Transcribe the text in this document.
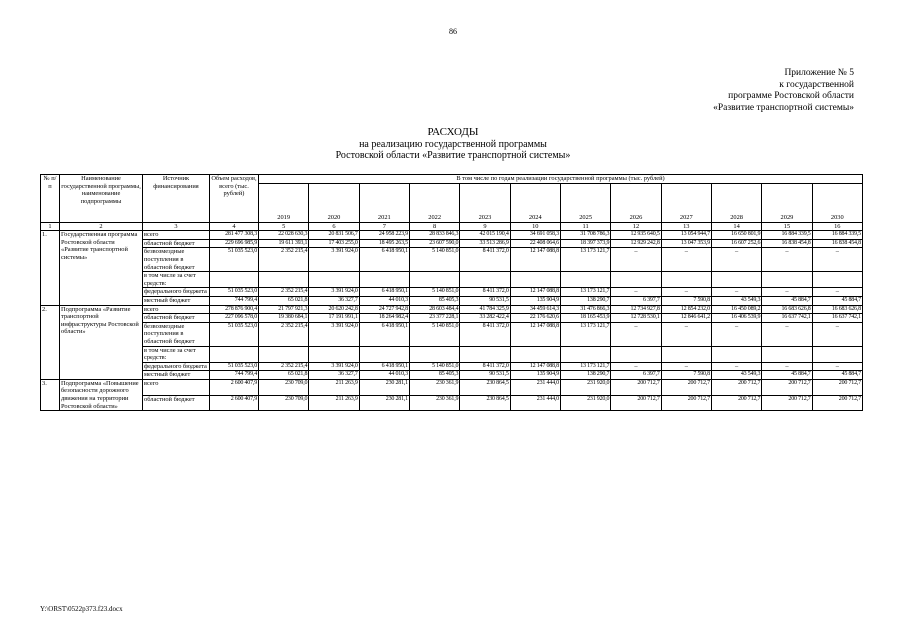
86
Приложение № 5
к государственной
программе Ростовской области
«Развитие транспортной системы»
РАСХОДЫ
на реализацию государственной программы
Ростовской области «Развитие транспортной системы»
№ п/п	Наименование государственной программы, наименование подпрограммы	Источник финансирования	Объем расходов, всего (тыс. рублей)	В том числе по годам реализации государственной программы (тыс. рублей)											
				2019	2020	2021	2022	2023	2024	2025	2026	2027	2028	2029	2030
1	2	3	4	5	6	7	8	9	10	11	12	13	14	15	16
1.	Государственная программа Ростовской области «Развитие транспортной системы»	всего	281 477 308,3	22 028 630,3	20 831 506,7	24 958 223,9	28 833 846,3	42 015 190,4	34 691 058,3	31 708 786,3	12 935 640,5	13 054 944,7	16 650 801,9	16 884 339,5	16 884 339,5
		областной бюджет	229 696 985,9	19 611 393,1	17 403 255,0	18 495 263,5	23 607 590,0	33 513 286,9	22 408 064,6	18 397 373,9	12 929 242,8	13 047 353,9	16 607 252,6	16 838 454,8	16 838 454,8
		безвозмездные поступления в областной бюджет	51 035 523,0	2 352 215,4	3 391 924,0	6 418 950,1	5 140 851,0	8 411 372,0	12 147 088,8	13 173 121,7	–	–	–	–	–
		в том числе за счет средств:													
		федерального бюджета	51 035 523,0	2 352 215,4	3 391 924,0	6 418 950,1	5 140 851,0	8 411 372,0	12 147 088,8	13 173 121,7	–	–	–	–	–
		местный бюджет	744 799,4	65 021,8	36 327,7	44 010,3	85 405,3	90 531,5	135 904,9	138 290,7	6 397,7	7 590,8	43 549,3	45 884,7	45 884,7
2.	Подпрограмма «Развитие транспортной инфраструктуры Ростовской области»	всего	278 876 900,4	21 797 921,3	20 620 242,8	24 727 942,8	28 603 484,4	41 784 325,9	34 459 614,3	31 476 866,3	12 734 927,8	12 854 232,0	16 450 089,2	16 683 626,8	16 683 626,8
		областной бюджет	227 096 578,0	19 380 684,1	17 191 991,1	18 264 982,4	23 377 228,1	33 282 422,4	22 176 620,6	18 165 453,9	12 728 530,1	12 846 641,2	16 406 539,9	16 637 742,1	16 637 742,1
		безвозмездные поступления в областной бюджет	51 035 523,0	2 352 215,4	3 391 924,0	6 418 950,1	5 140 851,0	8 411 372,0	12 147 088,8	13 173 121,7	–	–	–	–	–
		в том числе за счет средств:													
		федерального бюджета	51 035 523,0	2 352 215,4	3 391 924,0	6 418 950,1	5 140 851,0	8 411 372,0	12 147 088,8	13 173 121,7	–	–	–	–	–
		местный бюджет	744 799,4	65 021,8	36 327,7	44 010,3	85 405,3	90 531,5	135 904,9	138 290,7	6 397,7	7 590,8	43 549,3	45 884,7	45 884,7
3.	Подпрограмма «Повышение безопасности дорожного движения на территории Ростовской области»	всего	2 600 407,9	230 709,0	211 263,9	230 281,1	230 361,9	230 864,5	231 444,0	231 920,0	200 712,7	200 712,7	200 712,7	200 712,7	200 712,7
		областной бюджет	2 600 407,9	230 709,0	211 263,9	230 281,1	230 361,9	230 864,5	231 444,0	231 920,0	200 712,7	200 712,7	200 712,7	200 712,7	200 712,7
Y:\ORST\0522p373.f23.docx
